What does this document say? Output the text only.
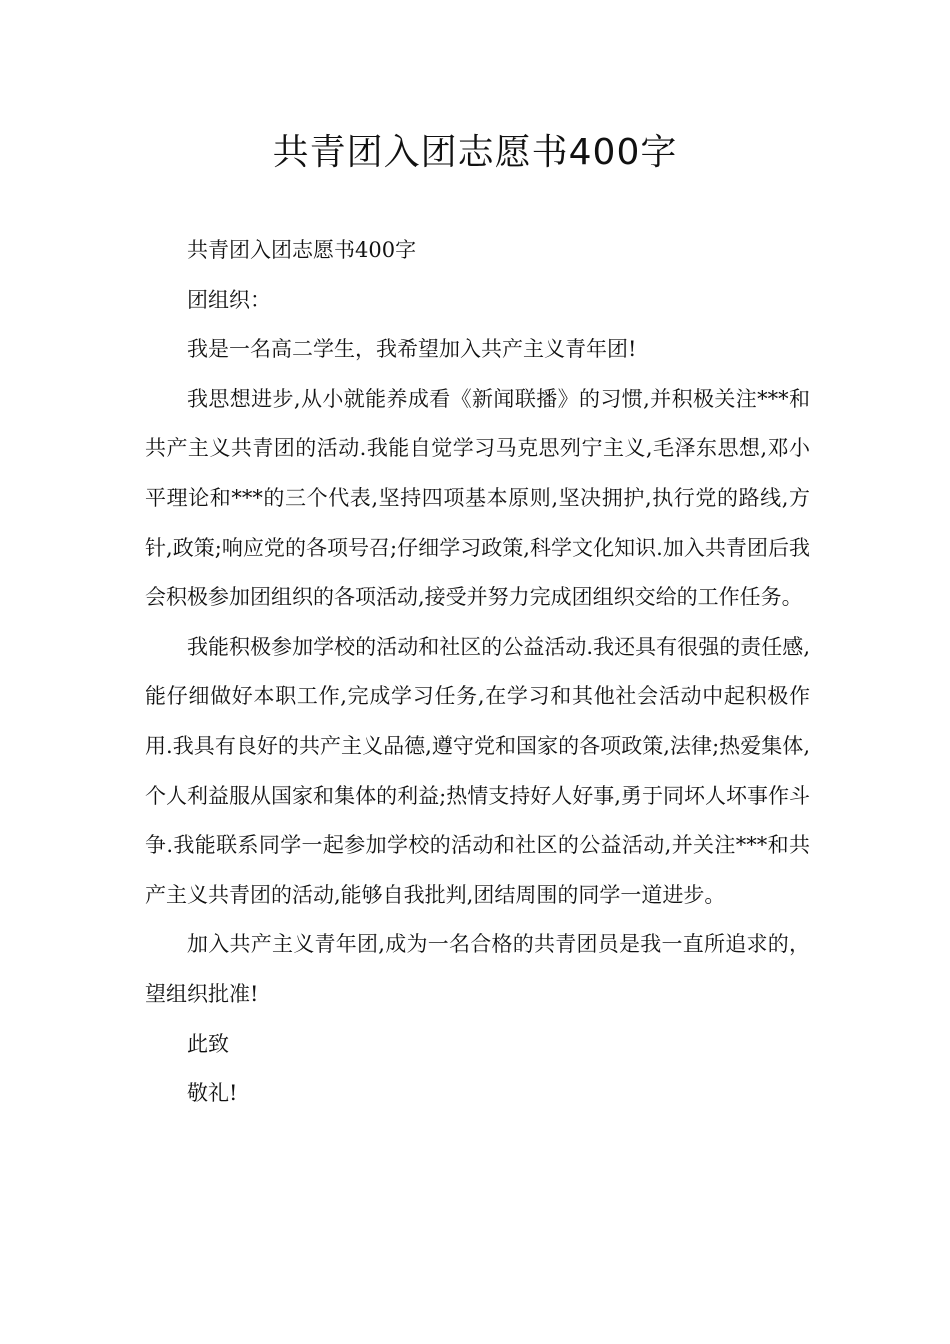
共青团入团志愿书400字

共青团入团志愿书400字

团组织：

我是一名高二学生，我希望加入共产主义青年团!

我思想进步,从小就能养成看《新闻联播》的习惯,并积极关注***和共产主义共青团的活动.我能自觉学习马克思列宁主义,毛泽东思想,邓小平理论和***的三个代表,坚持四项基本原则,坚决拥护,执行党的路线,方针,政策;响应党的各项号召;仔细学习政策,科学文化知识.加入共青团后我会积极参加团组织的各项活动,接受并努力完成团组织交给的工作任务。

我能积极参加学校的活动和社区的公益活动.我还具有很强的责任感,能仔细做好本职工作,完成学习任务,在学习和其他社会活动中起积极作用.我具有良好的共产主义品德,遵守党和国家的各项政策,法律;热爱集体,个人利益服从国家和集体的利益;热情支持好人好事,勇于同坏人坏事作斗争.我能联系同学一起参加学校的活动和社区的公益活动,并关注***和共产主义共青团的活动,能够自我批判,团结周围的同学一道进步。

加入共产主义青年团,成为一名合格的共青团员是我一直所追求的，望组织批准!

此致

敬礼!
